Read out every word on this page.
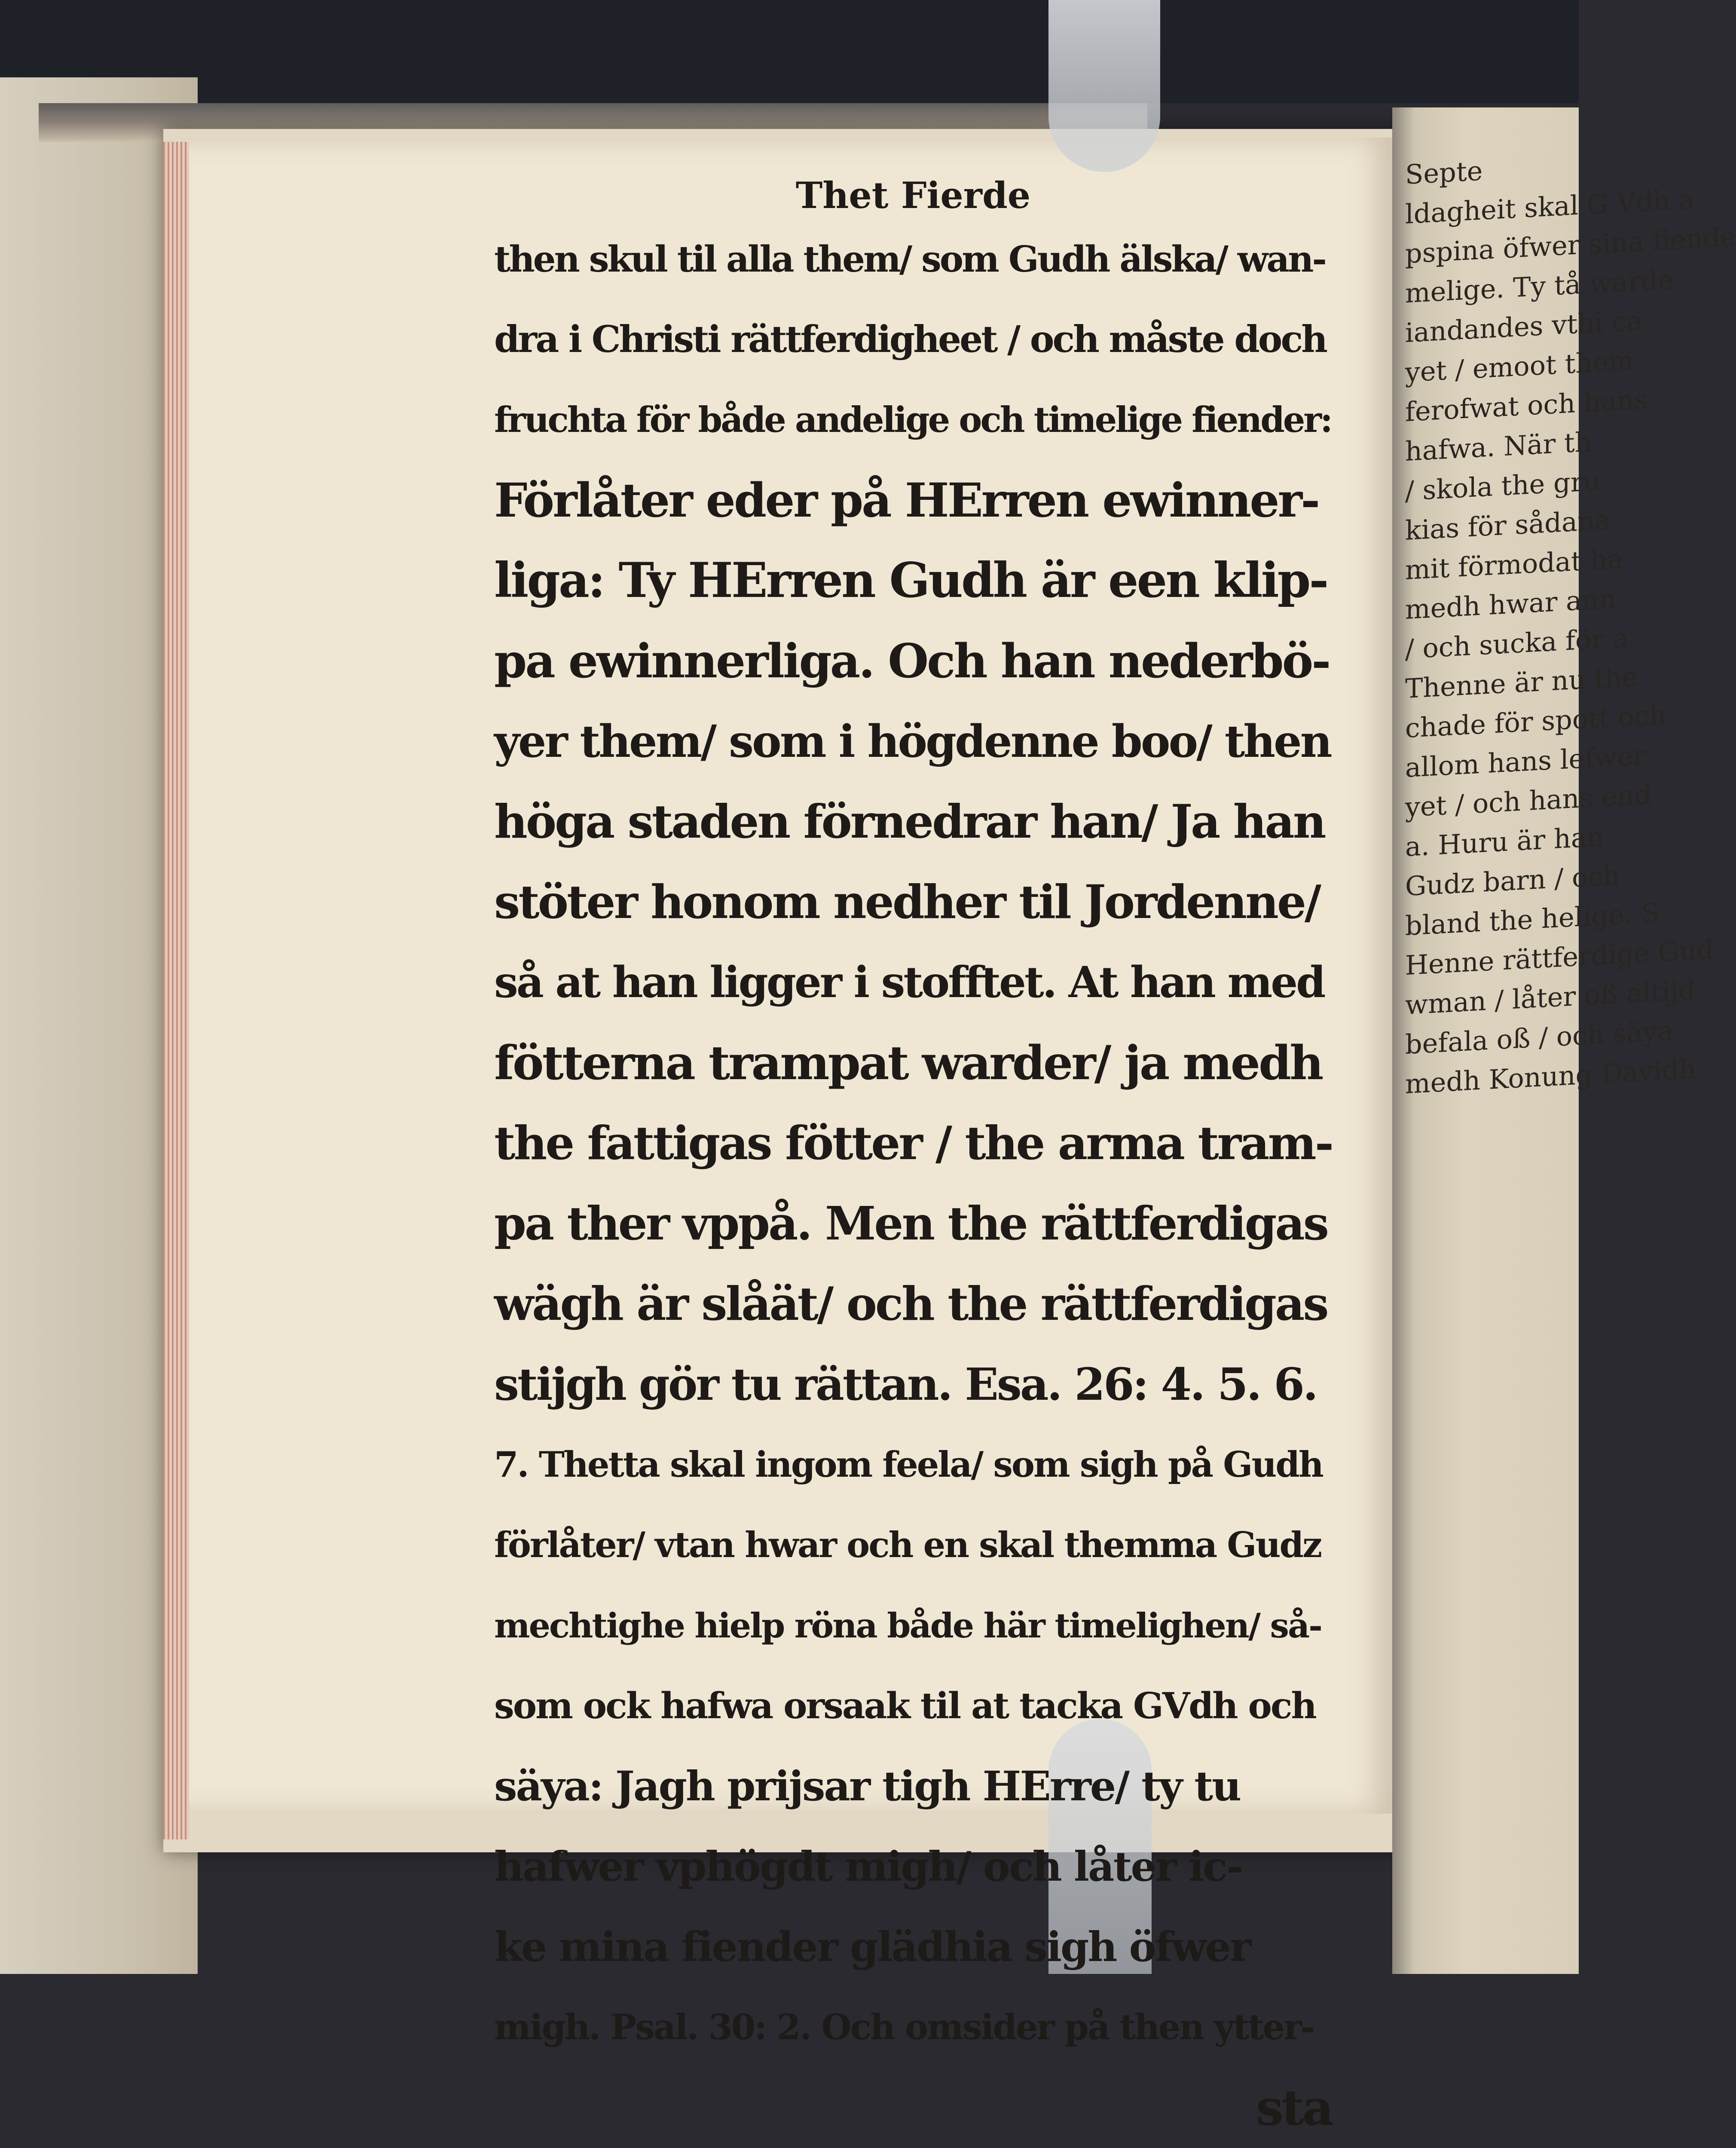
Septe
ldagheit skal G Vdh a
pspina öfwer sina fiende
melige. Ty tå warde
iandandes vthi ca
yet / emoot them
ferofwat och hans
hafwa. När th
/ skola the gru
kias för sådana
mit förmodat ha
medh hwar ann
/ och sucka för a
Thenne är nu the
chade för spott och
allom hans lefwer
yet / och hans end
a. Huru är han
Gudz barn / och
bland the helige. S
Henne rättferdige Gud
wman / låter oß altijd
befala oß / och säya
medh Konung Davidh
Thet Fierde
then skul til alla them/ som Gudh älska/ wan-
dra i Christi rättferdigheet / och måste doch
fruchta för både andelige och timelige fiender:
Förlåter eder på HErren ewinner-
liga: Ty HErren Gudh är een klip-
pa ewinnerliga. Och han nederbö-
yer them/ som i högdenne boo/ then
höga staden förnedrar han/ Ja han
stöter honom nedher til Jordenne/
så at han ligger i stofftet. At han med
fötterna trampat warder/ ja medh
the fattigas fötter / the arma tram-
pa ther vppå. Men the rättferdigas
wägh är slåät/ och the rättferdigas
stijgh gör tu rättan. Esa. 26: 4. 5. 6.
7. Thetta skal ingom feela/ som sigh på Gudh
förlåter/ vtan hwar och en skal themma Gudz
mechtighe hielp röna både här timelighen/ så-
som ock hafwa orsaak til at tacka GVdh och
säya: Jagh prijsar tigh HErre/ ty tu
hafwer vphögdt migh/ och låter ic-
ke mina fiender glädhia sigh öfwer
migh. Psal. 30: 2. Och omsider på then ytter-
sta
